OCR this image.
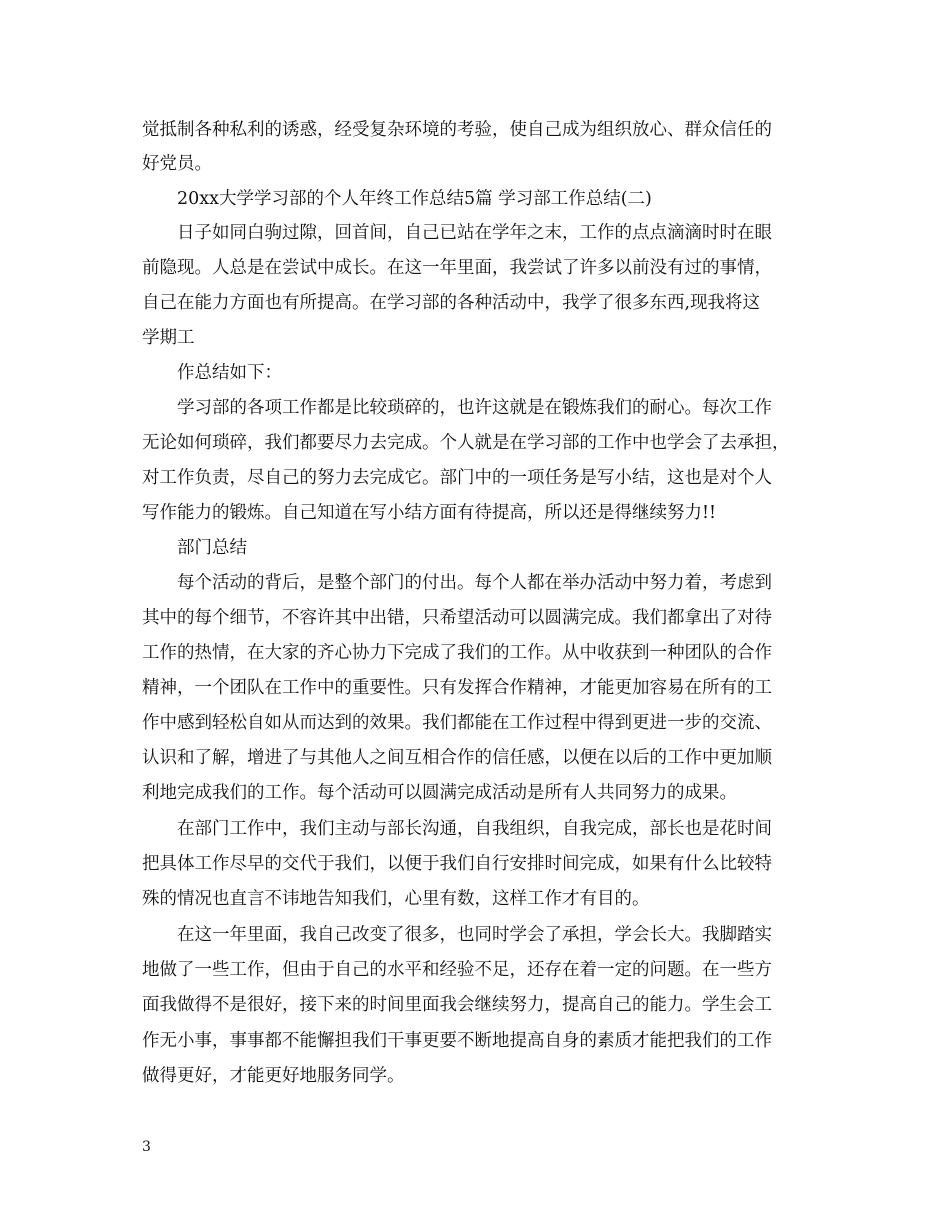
觉抵制各种私利的诱惑，经受复杂环境的考验，使自己成为组织放心、群众信任的

好党员。

20xx大学学习部的个人年终工作总结5篇 学习部工作总结(二)

日子如同白驹过隙，回首间，自己已站在学年之末，工作的点点滴滴时时在眼

前隐现。人总是在尝试中成长。在这一年里面，我尝试了许多以前没有过的事情，

自己在能力方面也有所提高。在学习部的各种活动中，我学了很多东西,现我将这

学期工

作总结如下：

学习部的各项工作都是比较琐碎的，也许这就是在锻炼我们的耐心。每次工作

无论如何琐碎，我们都要尽力去完成。个人就是在学习部的工作中也学会了去承担，

对工作负责，尽自己的努力去完成它。部门中的一项任务是写小结，这也是对个人

写作能力的锻炼。自己知道在写小结方面有待提高，所以还是得继续努力!!

部门总结

每个活动的背后，是整个部门的付出。每个人都在举办活动中努力着，考虑到

其中的每个细节，不容许其中出错，只希望活动可以圆满完成。我们都拿出了对待

工作的热情，在大家的齐心协力下完成了我们的工作。从中收获到一种团队的合作

精神，一个团队在工作中的重要性。只有发挥合作精神，才能更加容易在所有的工

作中感到轻松自如从而达到的效果。我们都能在工作过程中得到更进一步的交流、

认识和了解，增进了与其他人之间互相合作的信任感，以便在以后的工作中更加顺

利地完成我们的工作。每个活动可以圆满完成活动是所有人共同努力的成果。

在部门工作中，我们主动与部长沟通，自我组织，自我完成，部长也是花时间

把具体工作尽早的交代于我们，以便于我们自行安排时间完成，如果有什么比较特

殊的情况也直言不讳地告知我们，心里有数，这样工作才有目的。

在这一年里面，我自己改变了很多，也同时学会了承担，学会长大。我脚踏实

地做了一些工作，但由于自己的水平和经验不足，还存在着一定的问题。在一些方

面我做得不是很好，接下来的时间里面我会继续努力，提高自己的能力。学生会工

作无小事，事事都不能懈担我们干事更要不断地提高自身的素质才能把我们的工作

做得更好，才能更好地服务同学。

3
